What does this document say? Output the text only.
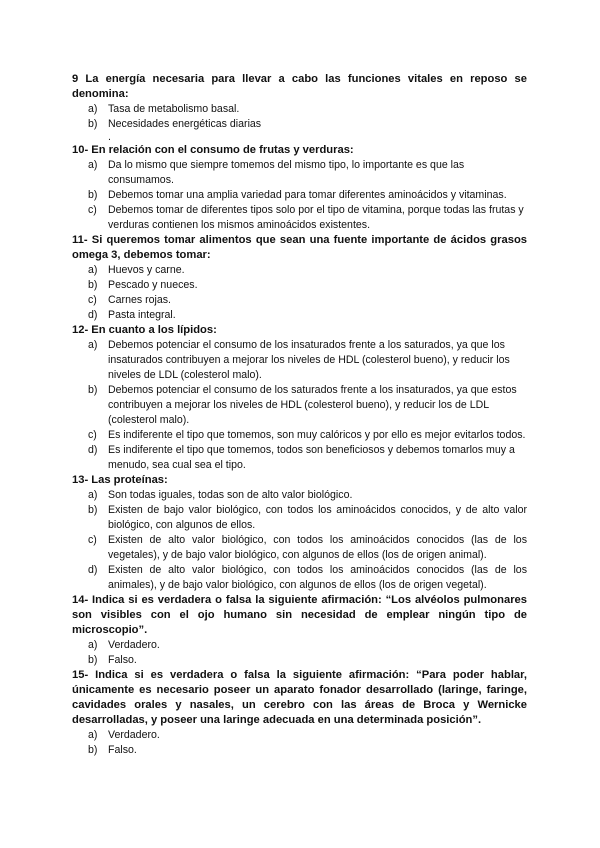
9 La energía necesaria para llevar a cabo las funciones vitales en reposo se denomina:

a) Tasa de metabolismo basal.
b) Necesidades energéticas diarias
.

10- En relación con el consumo de frutas y verduras:

a) Da lo mismo que siempre tomemos del mismo tipo, lo importante es que las consumamos.
b) Debemos tomar una amplia variedad para tomar diferentes aminoácidos y vitaminas.
c) Debemos tomar de diferentes tipos solo por el tipo de vitamina, porque todas las frutas y verduras contienen los mismos aminoácidos existentes.

11- Si queremos tomar alimentos que sean una fuente importante de ácidos grasos omega 3, debemos tomar:

a) Huevos y carne.
b) Pescado y nueces.
c) Carnes rojas.
d) Pasta integral.

12- En cuanto a los lípidos:

a) Debemos potenciar el consumo de los insaturados frente a los saturados, ya que los insaturados contribuyen a mejorar los niveles de HDL (colesterol bueno), y reducir los niveles de LDL (colesterol malo).
b) Debemos potenciar el consumo de los saturados frente a los insaturados, ya que estos contribuyen a mejorar los niveles de HDL (colesterol bueno), y reducir los de LDL (colesterol malo).
c) Es indiferente el tipo que tomemos, son muy calóricos y por ello es mejor evitarlos todos.
d) Es indiferente el tipo que tomemos, todos son beneficiosos y debemos tomarlos muy a menudo, sea cual sea el tipo.

13- Las proteínas:

a) Son todas iguales, todas son de alto valor biológico.
b) Existen de bajo valor biológico, con todos los aminoácidos conocidos, y de alto valor biológico, con algunos de ellos.
c) Existen de alto valor biológico, con todos los aminoácidos conocidos (las de los vegetales), y de bajo valor biológico, con algunos de ellos (los de origen animal).
d) Existen de alto valor biológico, con todos los aminoácidos conocidos (las de los animales), y de bajo valor biológico, con algunos de ellos (los de origen vegetal).

14- Indica si es verdadera o falsa la siguiente afirmación: “Los alvéolos pulmonares son visibles con el ojo humano sin necesidad de emplear ningún tipo de microscopio”.

a) Verdadero.
b) Falso.

15- Indica si es verdadera o falsa la siguiente afirmación: “Para poder hablar, únicamente es necesario poseer un aparato fonador desarrollado (laringe, faringe, cavidades orales y nasales, un cerebro con las áreas de Broca y Wernicke desarrolladas, y poseer una laringe adecuada en una determinada posición”.

a) Verdadero.
b) Falso.
